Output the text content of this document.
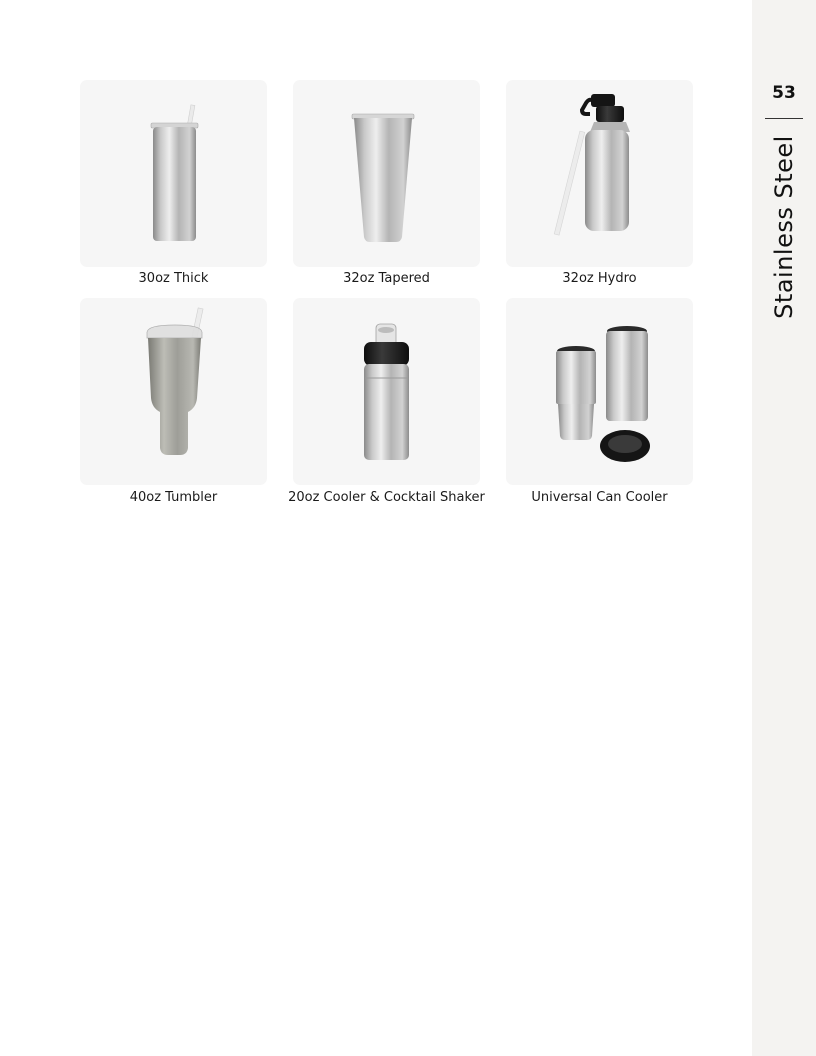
53
Stainless Steel
30oz Thick	32oz Tapered	32oz Hydro
40oz Tumbler	20oz Cooler & Cocktail Shaker	Universal Can Cooler
